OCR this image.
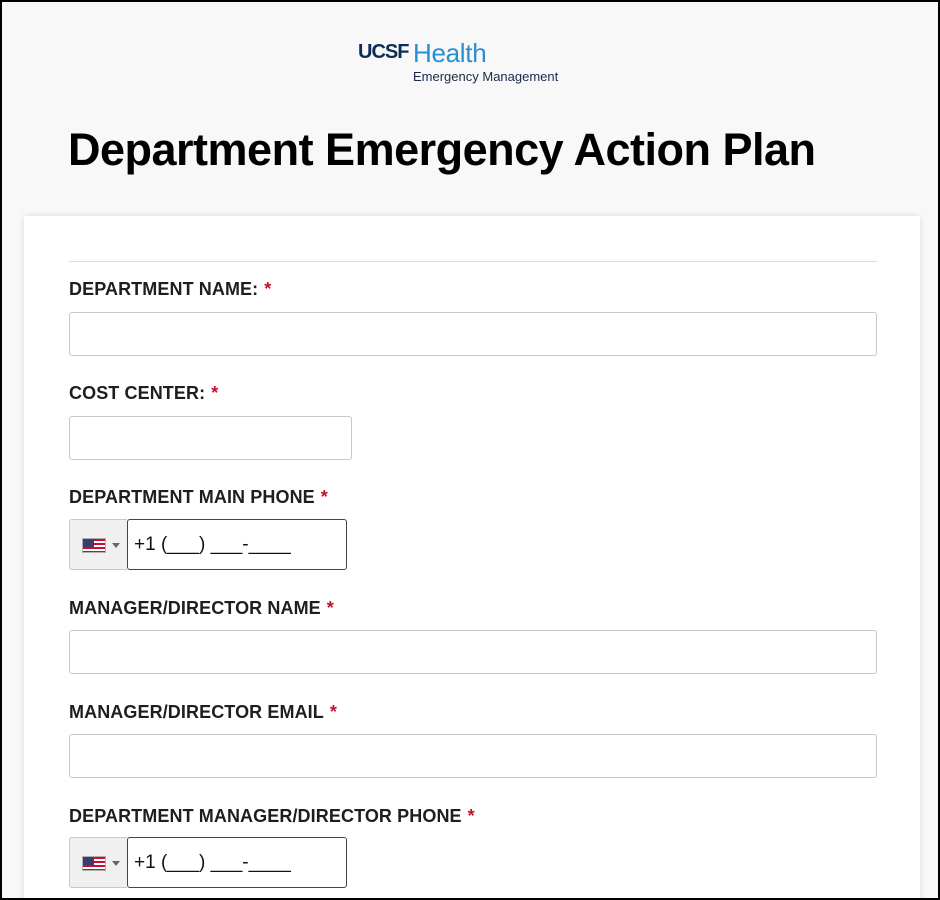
UCSF Health
Emergency Management
Department Emergency Action Plan
DEPARTMENT NAME: *
COST CENTER: *
DEPARTMENT MAIN PHONE *
+1 (___) ___-____
MANAGER/DIRECTOR NAME *
MANAGER/DIRECTOR EMAIL *
DEPARTMENT MANAGER/DIRECTOR PHONE *
+1 (___) ___-____
